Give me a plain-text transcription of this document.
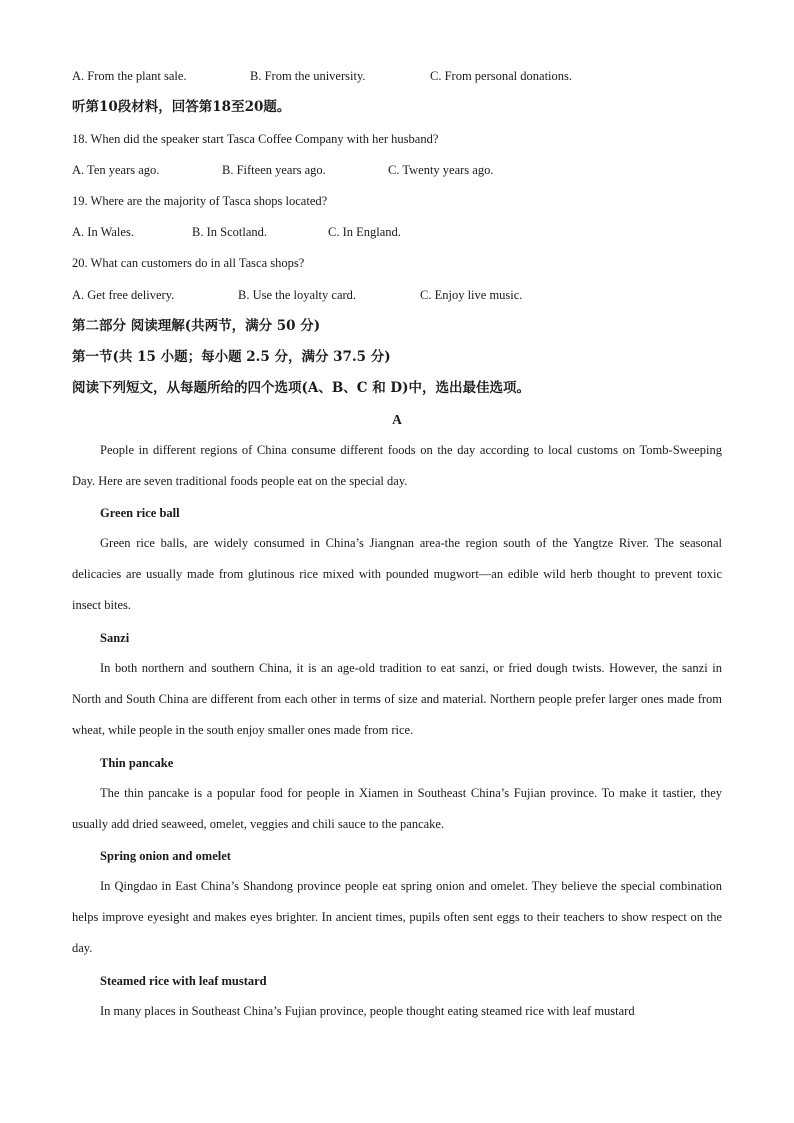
A. From the plant sale.	B. From the university.	C. From personal donations.
听第10段材料，回答第18至20题。
18. When did the speaker start Tasca Coffee Company with her husband?
A. Ten years ago.	B. Fifteen years ago.	C. Twenty years ago.
19. Where are the majority of Tasca shops located?
A. In Wales.	B. In Scotland.	C. In England.
20. What can customers do in all Tasca shops?
A. Get free delivery.	B. Use the loyalty card.	C. Enjoy live music.
第二部分 阅读理解(共两节，满分 50 分)
第一节(共 15 小题；每小题 2.5 分，满分 37.5 分)
阅读下列短文，从每题所给的四个选项(A、B、C 和 D)中，选出最佳选项。
A

People in different regions of China consume different foods on the day according to local customs on Tomb-Sweeping Day. Here are seven traditional foods people eat on the special day.

Green rice ball

Green rice balls, are widely consumed in China’s Jiangnan area-the region south of the Yangtze River. The seasonal delicacies are usually made from glutinous rice mixed with pounded mugwort—an edible wild herb thought to prevent toxic insect bites.

Sanzi

In both northern and southern China, it is an age-old tradition to eat sanzi, or fried dough twists. However, the sanzi in North and South China are different from each other in terms of size and material. Northern people prefer larger ones made from wheat, while people in the south enjoy smaller ones made from rice.

Thin pancake

The thin pancake is a popular food for people in Xiamen in Southeast China’s Fujian province. To make it tastier, they usually add dried seaweed, omelet, veggies and chili sauce to the pancake.

Spring onion and omelet

In Qingdao in East China’s Shandong province people eat spring onion and omelet. They believe the special combination helps improve eyesight and makes eyes brighter. In ancient times, pupils often sent eggs to their teachers to show respect on the day.

Steamed rice with leaf mustard

In many places in Southeast China’s Fujian province, people thought eating steamed rice with leaf mustard
